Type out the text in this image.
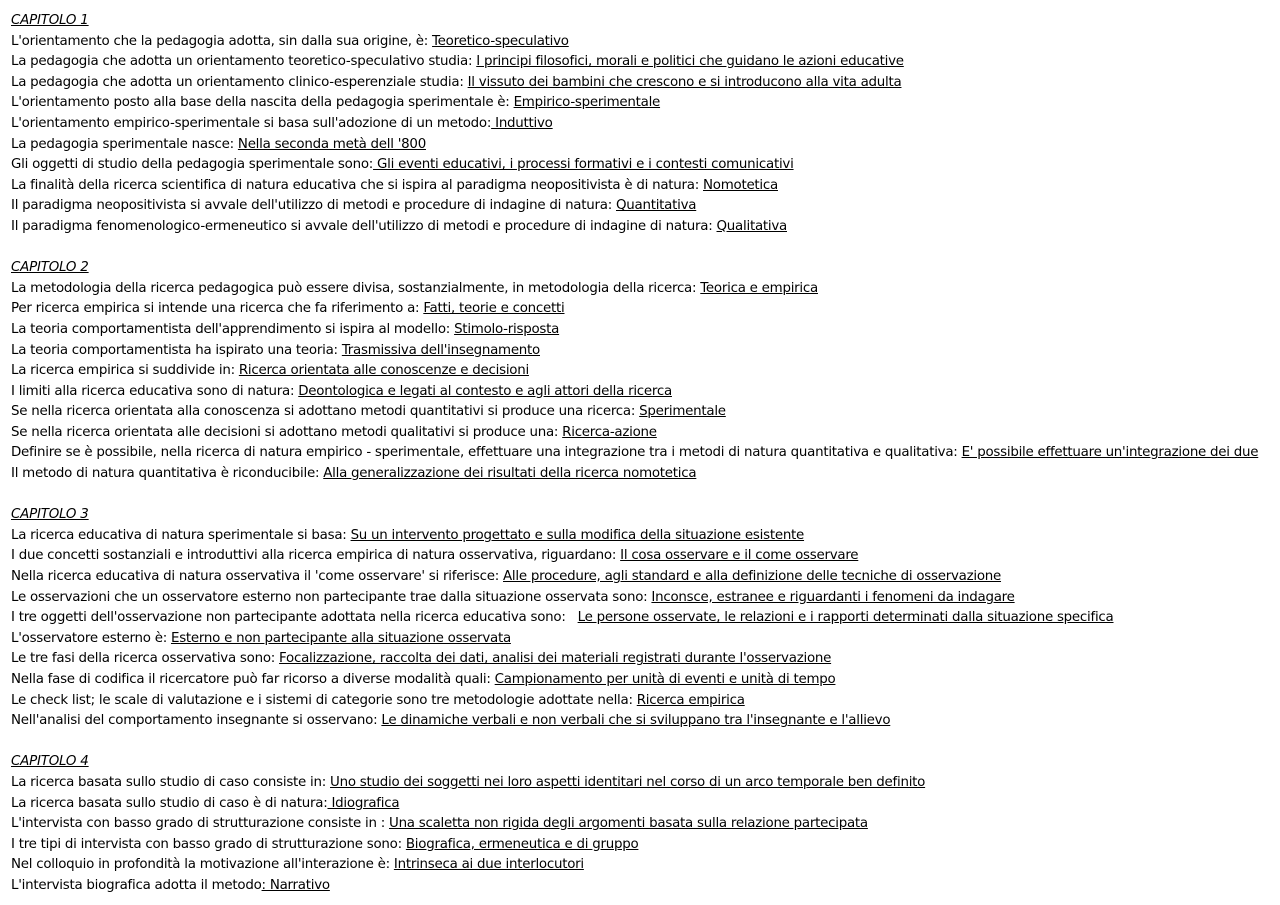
CAPITOLO 1
L'orientamento che la pedagogia adotta, sin dalla sua origine, è: Teoretico-speculativo
La pedagogia che adotta un orientamento teoretico-speculativo studia: I principi filosofici, morali e politici che guidano le azioni educative
La pedagogia che adotta un orientamento clinico-esperenziale studia: Il vissuto dei bambini che crescono e si introducono alla vita adulta
L'orientamento posto alla base della nascita della pedagogia sperimentale è: Empirico-sperimentale
L'orientamento empirico-sperimentale si basa sull'adozione di un metodo: Induttivo
La pedagogia sperimentale nasce: Nella seconda metà dell '800
Gli oggetti di studio della pedagogia sperimentale sono: Gli eventi educativi, i processi formativi e i contesti comunicativi
La finalità della ricerca scientifica di natura educativa che si ispira al paradigma neopositivista è di natura: Nomotetica
Il paradigma neopositivista si avvale dell'utilizzo di metodi e procedure di indagine di natura: Quantitativa
Il paradigma fenomenologico-ermeneutico si avvale dell'utilizzo di metodi e procedure di indagine di natura: Qualitativa
CAPITOLO 2
La metodologia della ricerca pedagogica può essere divisa, sostanzialmente, in metodologia della ricerca: Teorica e empirica
Per ricerca empirica si intende una ricerca che fa riferimento a: Fatti, teorie e concetti
La teoria comportamentista dell'apprendimento si ispira al modello: Stimolo-risposta
La teoria comportamentista ha ispirato una teoria: Trasmissiva dell'insegnamento
La ricerca empirica si suddivide in: Ricerca orientata alle conoscenze e decisioni
I limiti alla ricerca educativa sono di natura: Deontologica e legati al contesto e agli attori della ricerca
Se nella ricerca orientata alla conoscenza si adottano metodi quantitativi si produce una ricerca: Sperimentale
Se nella ricerca orientata alle decisioni si adottano metodi qualitativi si produce una: Ricerca-azione
Definire se è possibile, nella ricerca di natura empirico - sperimentale, effettuare una integrazione tra i metodi di natura quantitativa e qualitativa: E' possibile effettuare un'integrazione dei due
Il metodo di natura quantitativa è riconducibile: Alla generalizzazione dei risultati della ricerca nomotetica
CAPITOLO 3
La ricerca educativa di natura sperimentale si basa: Su un intervento progettato e sulla modifica della situazione esistente
I due concetti sostanziali e introduttivi alla ricerca empirica di natura osservativa, riguardano: Il cosa osservare e il come osservare
Nella ricerca educativa di natura osservativa il 'come osservare' si riferisce: Alle procedure, agli standard e alla definizione delle tecniche di osservazione
Le osservazioni che un osservatore esterno non partecipante trae dalla situazione osservata sono: Inconsce, estranee e riguardanti i fenomeni da indagare
I tre oggetti dell'osservazione non partecipante adottata nella ricerca educativa sono:   Le persone osservate, le relazioni e i rapporti determinati dalla situazione specifica
L'osservatore esterno è: Esterno e non partecipante alla situazione osservata
Le tre fasi della ricerca osservativa sono: Focalizzazione, raccolta dei dati, analisi dei materiali registrati durante l'osservazione
Nella fase di codifica il ricercatore può far ricorso a diverse modalità quali: Campionamento per unità di eventi e unità di tempo
Le check list; le scale di valutazione e i sistemi di categorie sono tre metodologie adottate nella: Ricerca empirica
Nell'analisi del comportamento insegnante si osservano: Le dinamiche verbali e non verbali che si sviluppano tra l'insegnante e l'allievo
CAPITOLO 4
La ricerca basata sullo studio di caso consiste in: Uno studio dei soggetti nei loro aspetti identitari nel corso di un arco temporale ben definito
La ricerca basata sullo studio di caso è di natura: Idiografica
L'intervista con basso grado di strutturazione consiste in : Una scaletta non rigida degli argomenti basata sulla relazione partecipata
I tre tipi di intervista con basso grado di strutturazione sono: Biografica, ermeneutica e di gruppo
Nel colloquio in profondità la motivazione all'interazione è: Intrinseca ai due interlocutori
L'intervista biografica adotta il metodo: Narrativo
